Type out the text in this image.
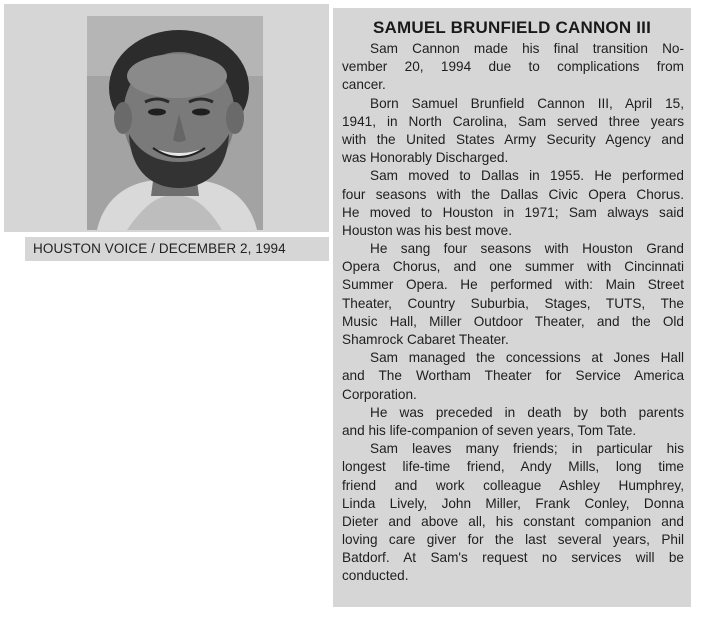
HOUSTON VOICE / DECEMBER 2, 1994
SAMUEL BRUNFIELD CANNON III

Sam Cannon made his final transition No-
vember 20, 1994 due to complications from
cancer.

Born Samuel Brunfield Cannon III, April 15,
1941, in North Carolina, Sam served three years
with the United States Army Security Agency and
was Honorably Discharged.

Sam moved to Dallas in 1955. He performed
four seasons with the Dallas Civic Opera Chorus.
He moved to Houston in 1971; Sam always said
Houston was his best move.

He sang four seasons with Houston Grand
Opera Chorus, and one summer with Cincinnati
Summer Opera. He performed with: Main Street
Theater, Country Suburbia, Stages, TUTS, The
Music Hall, Miller Outdoor Theater, and the Old
Shamrock Cabaret Theater.

Sam managed the concessions at Jones Hall
and The Wortham Theater for Service America
Corporation.

He was preceded in death by both parents
and his life-companion of seven years, Tom Tate.

Sam leaves many friends; in particular his
longest life-time friend, Andy Mills, long time
friend and work colleague Ashley Humphrey,
Linda Lively, John Miller, Frank Conley, Donna
Dieter and above all, his constant companion and
loving care giver for the last several years, Phil
Batdorf. At Sam's request no services will be
conducted.
